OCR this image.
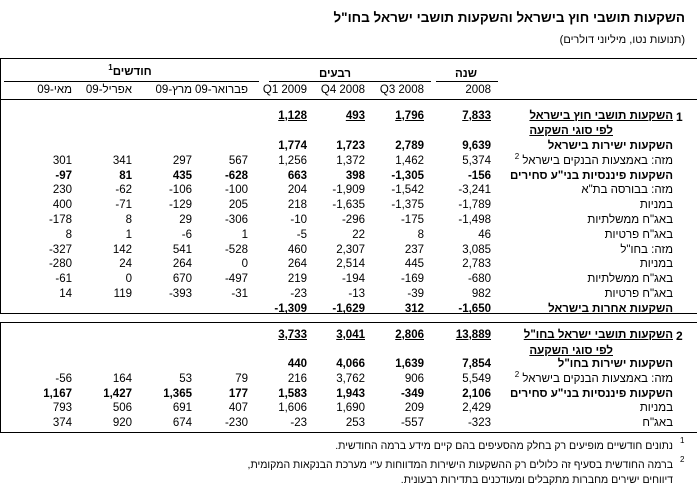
השקעות תושבי חוץ בישראל והשקעות תושבי ישראל בחו"ל
(תנועות נטו, מיליוני דולרים)
שנה
רבעים
$^1$חודשים
2008
Q3 2008
Q4 2008
Q1 2009
פברואר-09
מרץ-09
אפריל-09
מאי-09
1
השקעות תושבי חוץ בישראל
7,833
1,796
493
1,128
לפי סוגי השקעה
השקעות ישירות בישראל
9,639
2,789
1,723
1,774
מזה: באמצעות הבנקים בישראל $^2$
5,374
1,462
1,372
1,256
567
297
341
301
השקעות פיננסיות בני"ע סחירים
-156
-1,305
398
663
-628
435
81
-97
מזה: בבורסה בת"א
-3,241
-1,542
-1,909
204
-100
-106
-62
230
במניות
-1,789
-1,375
-1,635
218
205
-129
-71
400
באג"ח ממשלתיות
-1,498
-175
-296
-10
-306
29
8
-178
באג"ח פרטיות
46
8
22
-5
1
-6
1
8
מזה: בחו"ל
3,085
237
2,307
460
-528
541
142
-327
במניות
2,783
445
2,514
264
0
264
24
-280
באג"ח ממשלתיות
-680
-169
-194
219
-497
670
0
-61
באג"ח פרטיות
982
-39
-13
-23
-31
-393
119
14
השקעות אחרות בישראל
-1,650
312
-1,629
-1,309
2
השקעות תושבי ישראל בחו"ל
13,889
2,806
3,041
3,733
לפי סוגי השקעה
השקעות ישירות בחו"ל
7,854
1,639
4,066
440
מזה: באמצעות הבנקים בישראל $^2$
5,549
906
3,762
216
79
53
164
-56
השקעות פיננסיות בני"ע סחירים
2,106
-349
1,943
1,583
177
1,365
1,427
1,167
במניות
2,429
209
1,690
1,606
407
691
506
793
באג"ח
-323
-557
253
-23
-230
674
920
374
1
נתונים חודשיים מופיעים רק בחלק מהסעיפים בהם קיים מידע ברמה החודשית.
2
ברמה החודשית בסעיף זה כלולים רק ההשקעות הישירות המדווחות ע"י מערכת הבנקאות המקומית,
דיווחים ישירים מחברות מתקבלים ומעודכנים בתדירות רבעונית.
